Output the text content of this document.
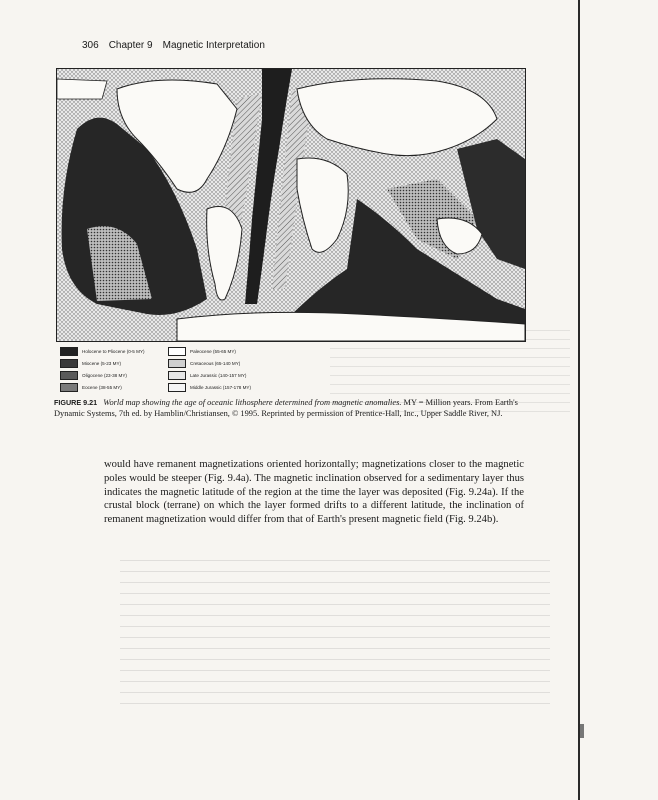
306 Chapter 9 Magnetic Interpretation
Holocene to Pliocene (0-5 MY)
Miocene (5-23 MY)
Oligocene (23-38 MY)
Eocene (38-55 MY)
Paleocene (55-65 MY)
Cretaceous (65-140 MY)
Late Jurassic (140-157 MY)
Middle Jurassic (157-178 MY)
FIGURE 9.21 World map showing the age of oceanic lithosphere determined from magnetic anomalies. MY = Million years. From Earth's Dynamic Systems, 7th ed. by Hamblin/Christiansen, © 1995. Reprinted by permission of Prentice-Hall, Inc., Upper Saddle River, NJ.
would have remanent magnetizations oriented horizontally; magnetizations closer to the magnetic poles would be steeper (Fig. 9.4a). The magnetic inclination observed for a sedimentary layer thus indicates the magnetic latitude of the region at the time the layer was deposited (Fig. 9.24a). If the crustal block (terrane) on which the layer formed drifts to a different latitude, the inclination of remanent magnetization would differ from that of Earth's present magnetic field (Fig. 9.24b).
